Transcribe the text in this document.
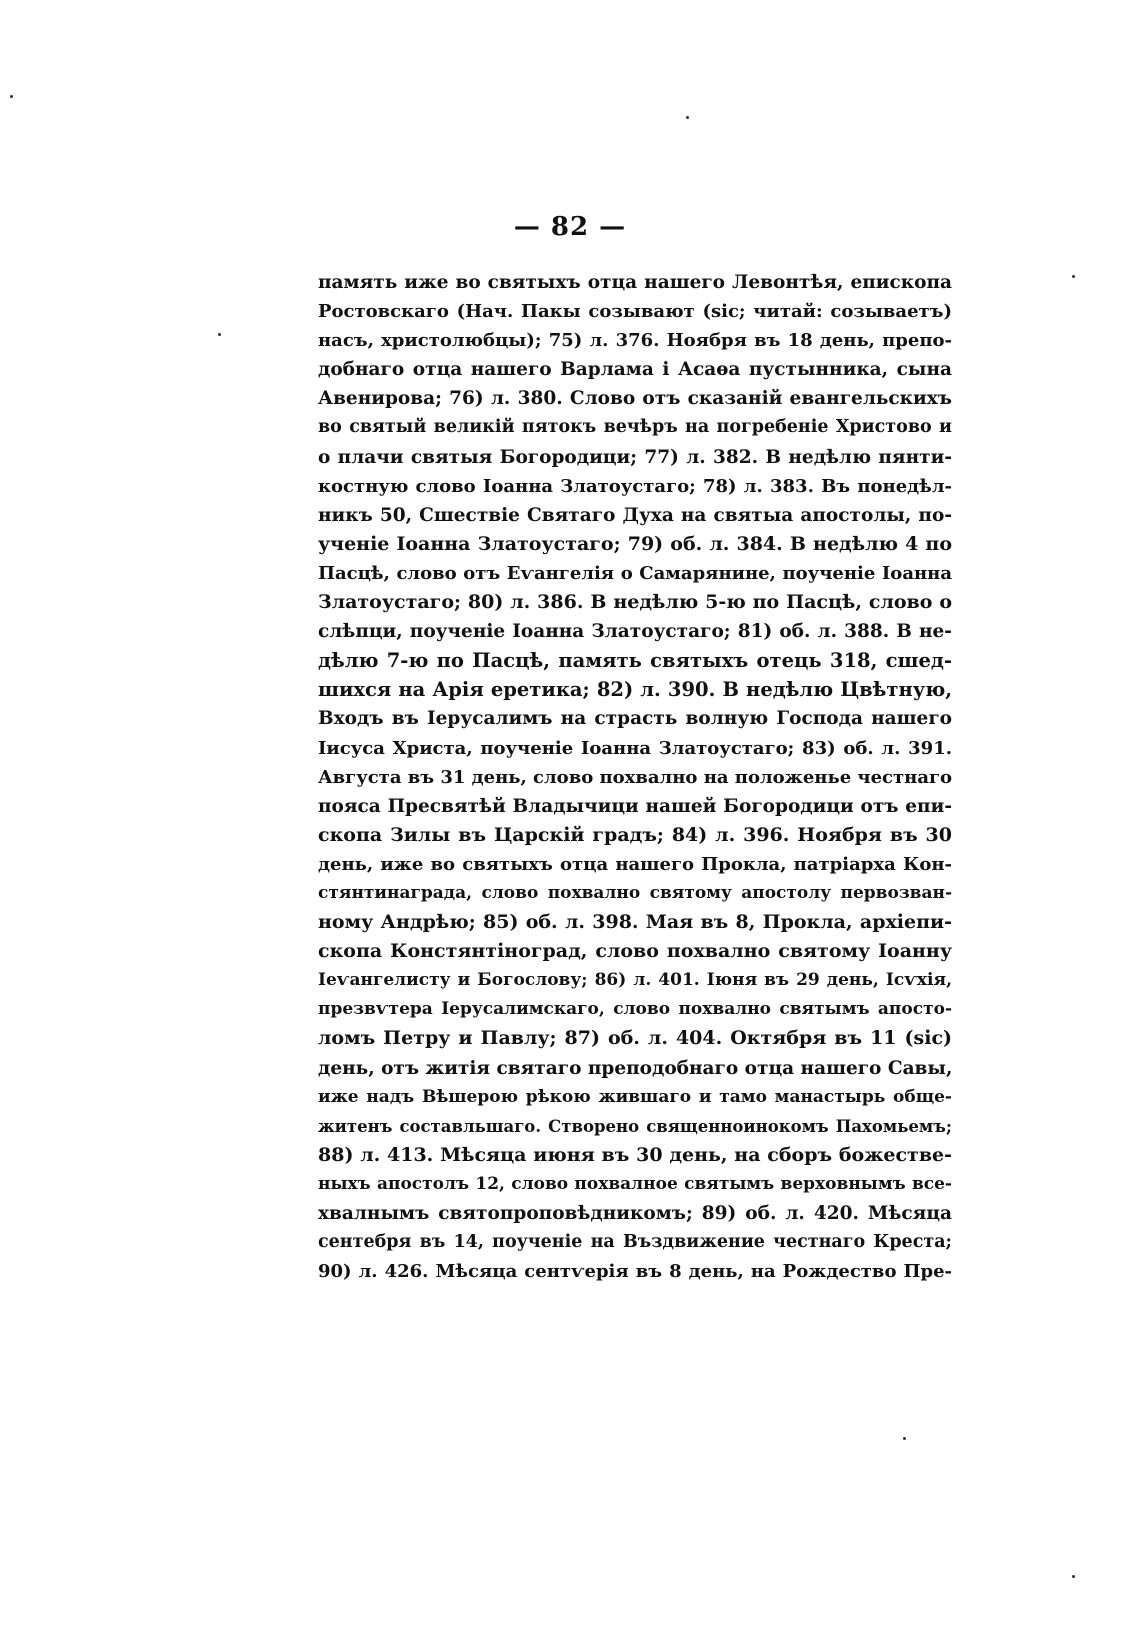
— 82 —
память иже во святыхъ отца нашего Левонтѣя, епископа
Ростовскаго (Нач. Пакы созывают (sic; читай: созываетъ)
насъ, христолюбцы); 75) л. 376. Ноября въ 18 день, препо-
добнаго отца нашего Варлама і Асаѳа пустынника, сына
Авенирова; 76) л. 380. Слово отъ сказаній евангельскихъ
во святый великій пятокъ вечѣръ на погребеніе Христово и
о плачи святыя Богородици; 77) л. 382. В недѣлю пянти-
костную слово Іоанна Златоустаго; 78) л. 383. Въ понедѣл-
никъ 50, Сшествіе Святаго Духа на святыа апостолы, по-
ученіе Іоанна Златоустаго; 79) об. л. 384. В недѣлю 4 по
Пасцѣ, слово отъ Еѵангелія о Самарянине, поученіе Іоанна
Златоустаго; 80) л. 386. В недѣлю 5-ю по Пасцѣ, слово о
слѣпци, поученіе Іоанна Златоустаго; 81) об. л. 388. В не-
дѣлю 7-ю по Пасцѣ, память святыхъ отець 318, сшед-
шихся на Арія еретика; 82) л. 390. В недѣлю Цвѣтную,
Входъ въ Іерусалимъ на страсть волную Господа нашего
Іисуса Христа, поученіе Іоанна Златоустаго; 83) об. л. 391.
Августа въ 31 день, слово похвално на положенье честнаго
пояса Пресвятѣй Владычици нашей Богородици отъ епи-
скопа Зилы въ Царскій градъ; 84) л. 396. Ноября въ 30
день, иже во святыхъ отца нашего Прокла, патріарха Кон-
стянтинаграда, слово похвално святому апостолу первозван-
ному Андрѣю; 85) об. л. 398. Мая въ 8, Прокла, архіепи-
скопа Констянтіноград, слово похвално святому Іоанну
Іеѵангелисту и Богослову; 86) л. 401. Іюня въ 29 день, Ісѵхія,
презвѵтера Іерусалимскаго, слово похвално святымъ апосто-
ломъ Петру и Павлу; 87) об. л. 404. Октября въ 11 (sic)
день, отъ житія святаго преподобнаго отца нашего Савы,
иже надъ Вѣшерою рѣкою жившаго и тамо манастырь обще-
житенъ составльшаго. Створено священноинокомъ Пахомьемъ;
88) л. 413. Мѣсяца июня въ 30 день, на сборъ божестве-
ныхъ апостолъ 12, слово похвалное святымъ верховнымъ все-
хвалнымъ святопроповѣдникомъ; 89) об. л. 420. Мѣсяца
сентебря въ 14, поученіе на Въздвижение честнаго Креста;
90) л. 426. Мѣсяца сентѵерія въ 8 день, на Рождество Пре-
